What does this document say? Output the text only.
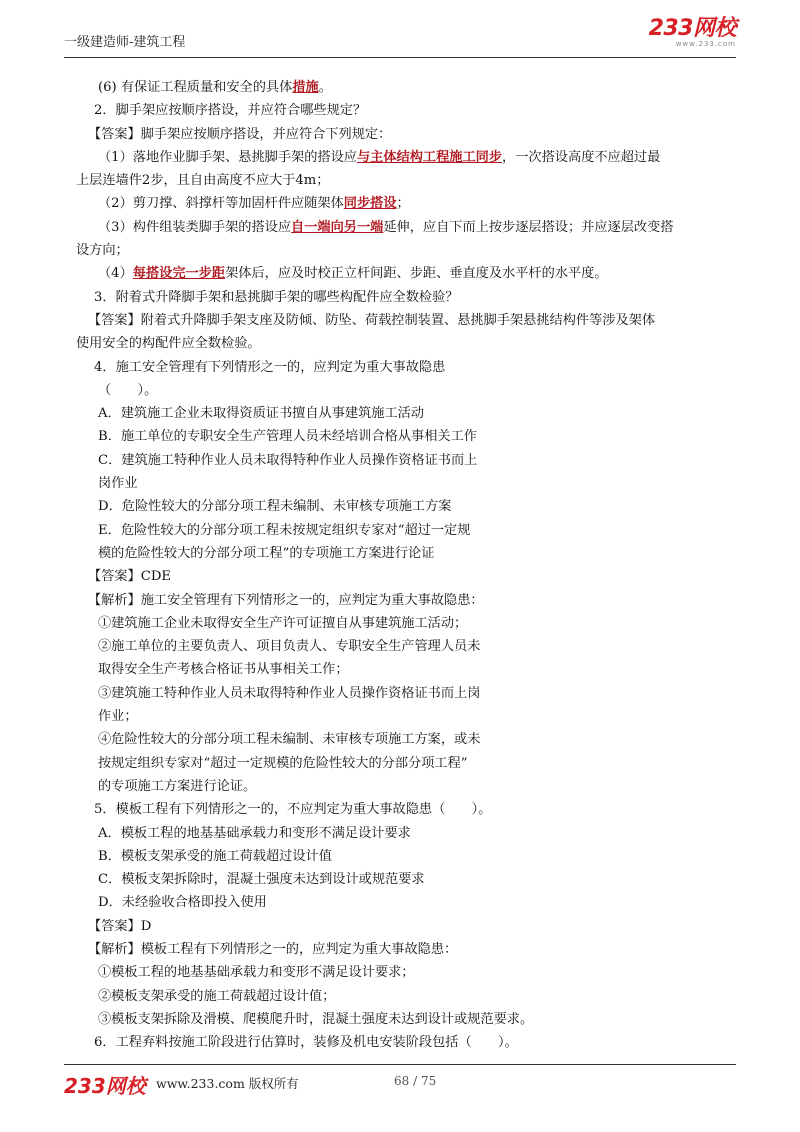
一级建造师-建筑工程
233网校
www.233.com
(6) 有保证工程质量和安全的具体措施。
2．脚手架应按顺序搭设，并应符合哪些规定？
【答案】脚手架应按顺序搭设，并应符合下列规定：
（1）落地作业脚手架、悬挑脚手架的搭设应与主体结构工程施工同步，一次搭设高度不应超过最
上层连墙件2步，且自由高度不应大于4m；
（2）剪刀撑、斜撑杆等加固杆件应随架体同步搭设；
（3）构件组装类脚手架的搭设应自一端向另一端延伸，应自下而上按步逐层搭设；并应逐层改变搭
设方向；
（4）每搭设完一步距架体后，应及时校正立杆间距、步距、垂直度及水平杆的水平度。
3．附着式升降脚手架和悬挑脚手架的哪些构配件应全数检验？
【答案】附着式升降脚手架支座及防倾、防坠、荷载控制装置、悬挑脚手架悬挑结构件等涉及架体
使用安全的构配件应全数检验。
4．施工安全管理有下列情形之一的，应判定为重大事故隐患
（　　）。
A．建筑施工企业未取得资质证书擅自从事建筑施工活动
B．施工单位的专职安全生产管理人员未经培训合格从事相关工作
C．建筑施工特种作业人员未取得特种作业人员操作资格证书而上
岗作业
D．危险性较大的分部分项工程未编制、未审核专项施工方案
E．危险性较大的分部分项工程未按规定组织专家对“超过一定规
模的危险性较大的分部分项工程”的专项施工方案进行论证
【答案】CDE
【解析】施工安全管理有下列情形之一的，应判定为重大事故隐患：
①建筑施工企业未取得安全生产许可证擅自从事建筑施工活动；
②施工单位的主要负责人、项目负责人、专职安全生产管理人员未
取得安全生产考核合格证书从事相关工作；
③建筑施工特种作业人员未取得特种作业人员操作资格证书而上岗
作业；
④危险性较大的分部分项工程未编制、未审核专项施工方案，或未
按规定组织专家对“超过一定规模的危险性较大的分部分项工程”
的专项施工方案进行论证。
5．模板工程有下列情形之一的，不应判定为重大事故隐患（　　）。
A．模板工程的地基基础承载力和变形不满足设计要求
B．模板支架承受的施工荷载超过设计值
C．模板支架拆除时，混凝土强度未达到设计或规范要求
D．未经验收合格即投入使用
【答案】D
【解析】模板工程有下列情形之一的，应判定为重大事故隐患：
①模板工程的地基基础承载力和变形不满足设计要求；
②模板支架承受的施工荷载超过设计值；
③模板支架拆除及滑模、爬模爬升时，混凝土强度未达到设计或规范要求。
6．工程弃料按施工阶段进行估算时，装修及机电安装阶段包括（　　）。
233网校 www.233.com 版权所有	68 / 75
